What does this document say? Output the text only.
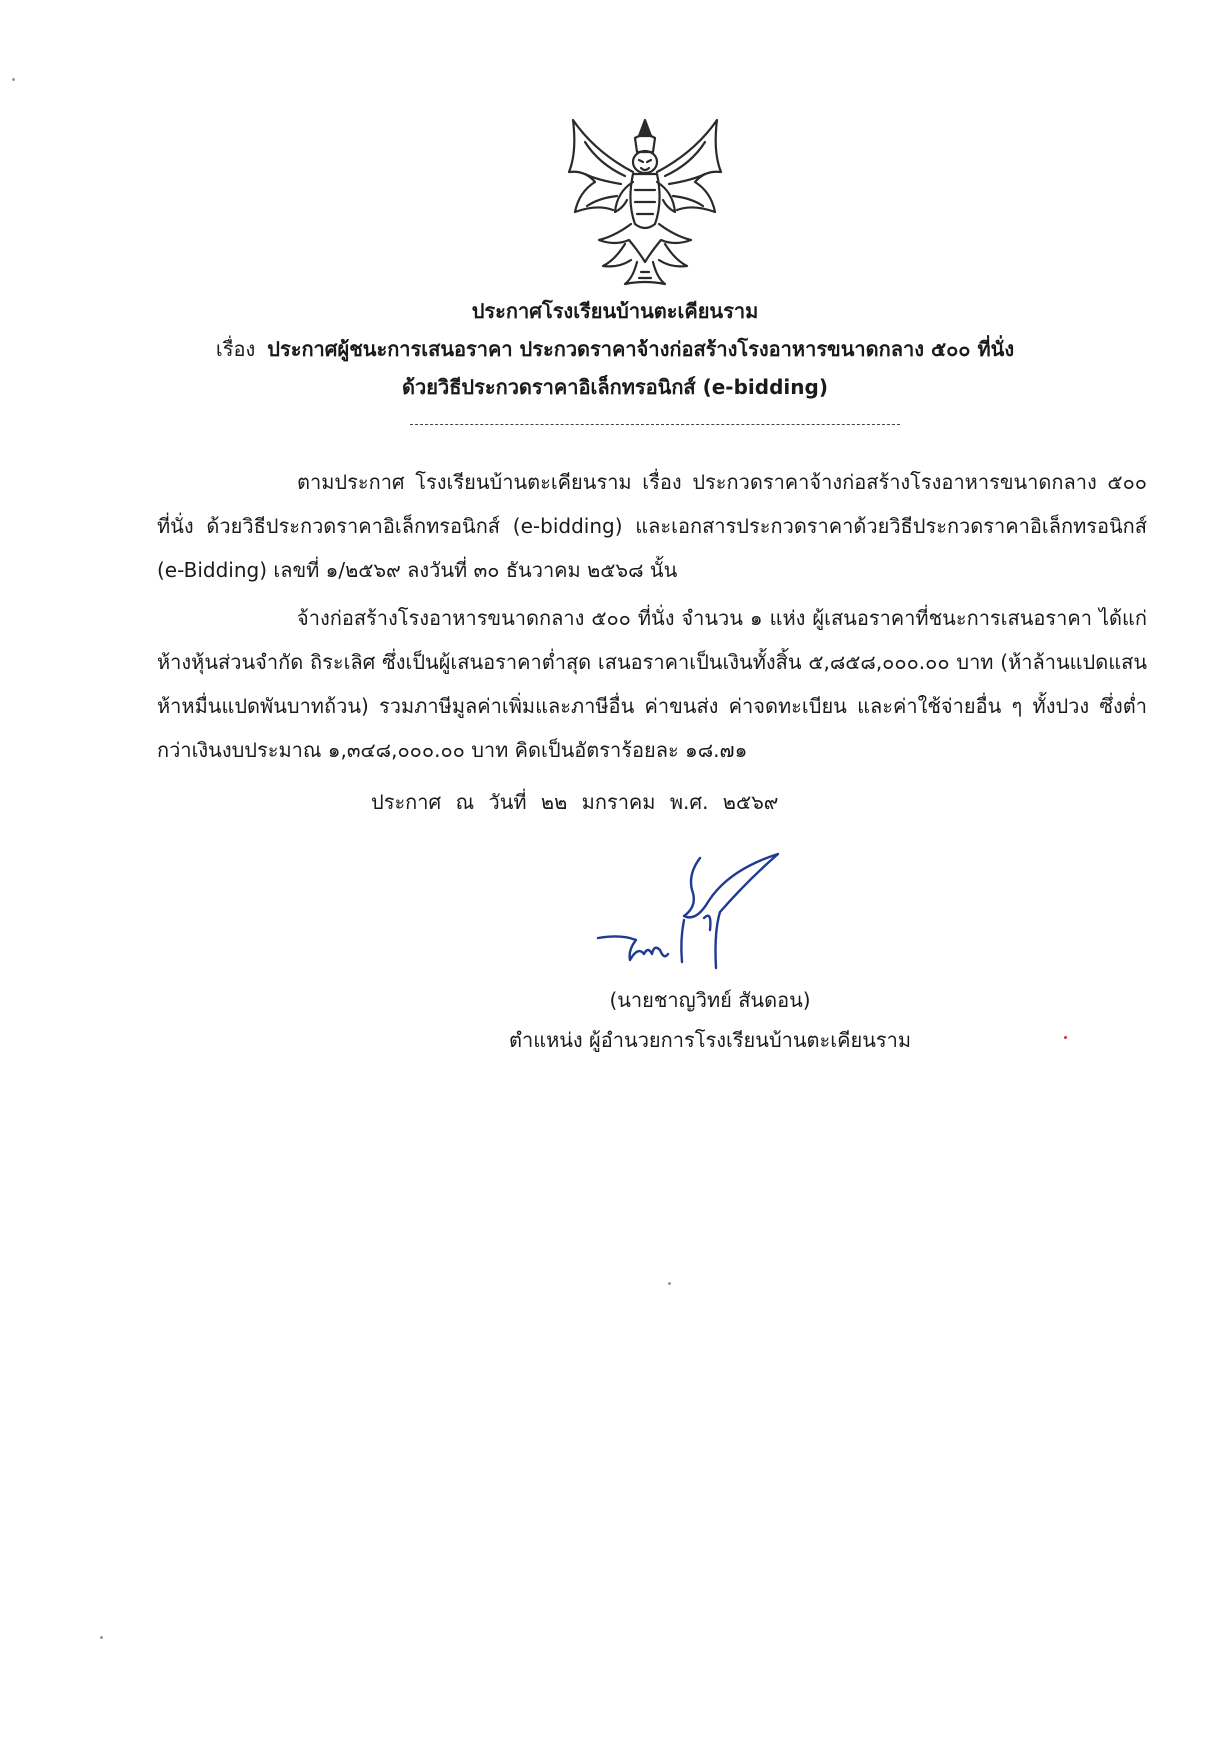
ประกาศโรงเรียนบ้านตะเคียนราม
เรื่อง ประกาศผู้ชนะการเสนอราคา ประกวดราคาจ้างก่อสร้างโรงอาหารขนาดกลาง ๕๐๐ ที่นั่ง
ด้วยวิธีประกวดราคาอิเล็กทรอนิกส์ (e-bidding)
ตามประกาศ โรงเรียนบ้านตะเคียนราม เรื่อง ประกวดราคาจ้างก่อสร้างโรงอาหารขนาดกลาง ๕๐๐ ที่นั่ง ด้วยวิธีประกวดราคาอิเล็กทรอนิกส์ (e-bidding) และเอกสารประกวดราคาด้วยวิธีประกวดราคาอิเล็กทรอนิกส์ (e-Bidding) เลขที่ ๑/๒๕๖๙ ลงวันที่ ๓๐ ธันวาคม ๒๕๖๘ นั้น
จ้างก่อสร้างโรงอาหารขนาดกลาง ๕๐๐ ที่นั่ง จำนวน ๑ แห่ง ผู้เสนอราคาที่ชนะการเสนอราคา ได้แก่ ห้างหุ้นส่วนจำกัด ถิระเลิศ ซึ่งเป็นผู้เสนอราคาต่ำสุด เสนอราคาเป็นเงินทั้งสิ้น ๕,๘๕๘,๐๐๐.๐๐ บาท (ห้าล้านแปดแสนห้าหมื่นแปดพันบาทถ้วน) รวมภาษีมูลค่าเพิ่มและภาษีอื่น ค่าขนส่ง ค่าจดทะเบียน และค่าใช้จ่ายอื่น ๆ ทั้งปวง ซึ่งต่ำกว่าเงินงบประมาณ ๑,๓๔๘,๐๐๐.๐๐ บาท คิดเป็นอัตราร้อยละ ๑๘.๗๑
ประกาศ ณ วันที่ ๒๒ มกราคม พ.ศ. ๒๕๖๙
(นายชาญวิทย์ สันดอน)
ตำแหน่ง ผู้อำนวยการโรงเรียนบ้านตะเคียนราม
